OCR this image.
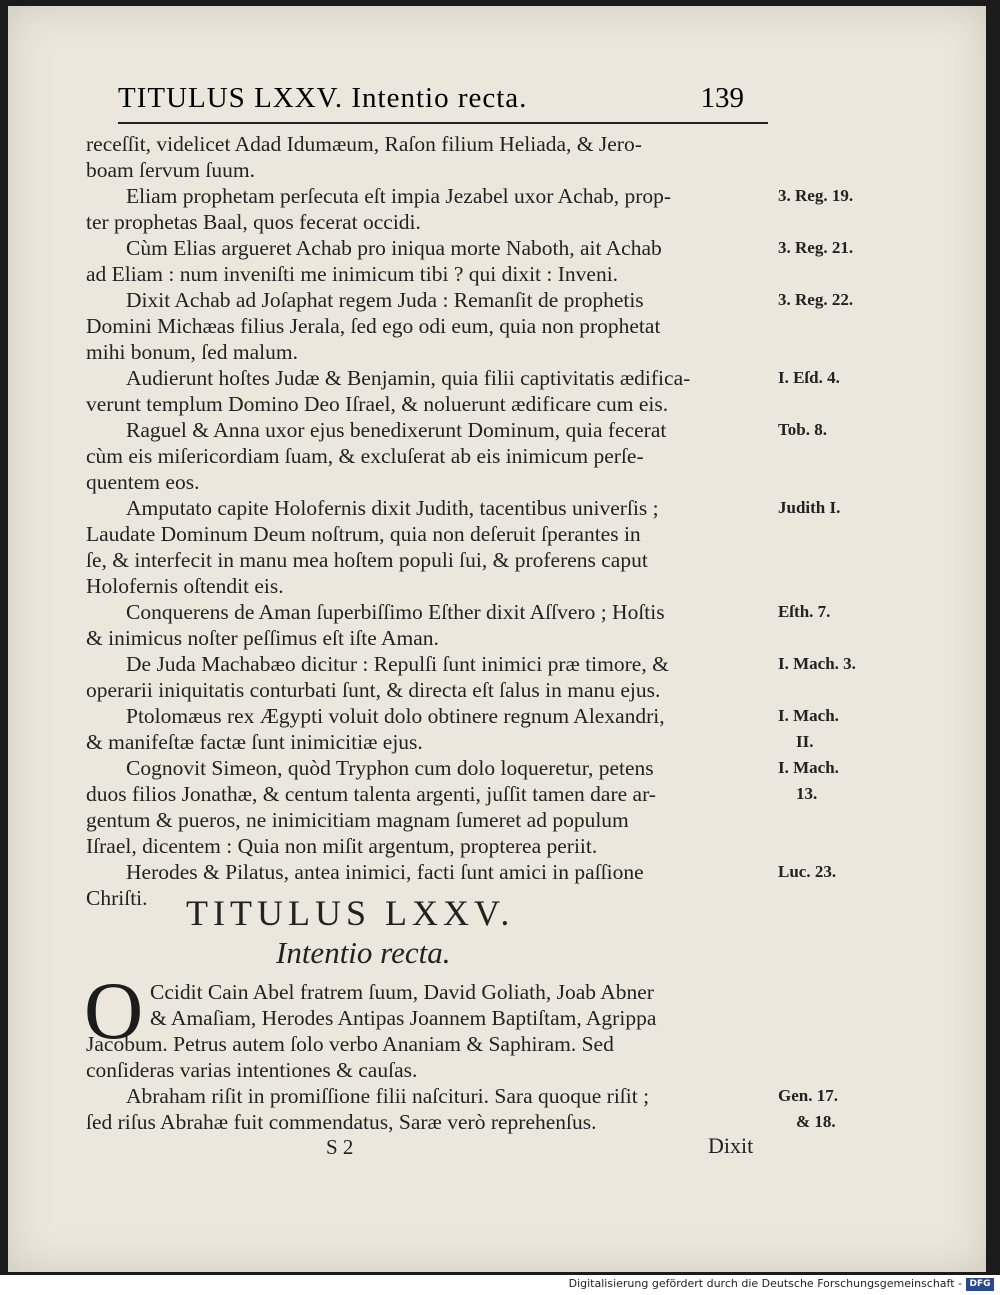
TITULUS LXXV. Intentio recta.	139
receſſit, videlicet Adad Idumæum, Raſon filium Heliada, & Jero-
boam ſervum ſuum.
Eliam prophetam perſecuta eſt impia Jezabel uxor Achab, prop-	3. Reg. 19.
ter prophetas Baal, quos fecerat occidi.
Cùm Elias argueret Achab pro iniqua morte Naboth, ait Achab	3. Reg. 21.
ad Eliam : num inveniſti me inimicum tibi ? qui dixit : Inveni.
Dixit Achab ad Joſaphat regem Juda : Remanſit de prophetis	3. Reg. 22.
Domini Michæas filius Jerala, ſed ego odi eum, quia non prophetat
mihi bonum, ſed malum.
Audierunt hoſtes Judæ & Benjamin, quia filii captivitatis ædifica-	I. Eſd. 4.
verunt templum Domino Deo Iſrael, & noluerunt ædificare cum eis.
Raguel & Anna uxor ejus benedixerunt Dominum, quia fecerat	Tob. 8.
cùm eis miſericordiam ſuam, & excluſerat ab eis inimicum perſe-
quentem eos.
Amputato capite Holofernis dixit Judith, tacentibus univerſis ;	Judith I.
Laudate Dominum Deum noſtrum, quia non deſeruit ſperantes in
ſe, & interfecit in manu mea hoſtem populi ſui, & proferens caput
Holofernis oſtendit eis.
Conquerens de Aman ſuperbiſſimo Eſther dixit Aſſvero ; Hoſtis	Eſth. 7.
& inimicus noſter peſſimus eſt iſte Aman.
De Juda Machabæo dicitur : Repulſi ſunt inimici præ timore, &	I. Mach. 3.
operarii iniquitatis conturbati ſunt, & directa eſt ſalus in manu ejus.
Ptolomæus rex Ægypti voluit dolo obtinere regnum Alexandri,	I. Mach.
& manifeſtæ factæ ſunt inimicitiæ ejus.	II.
Cognovit Simeon, quòd Tryphon cum dolo loqueretur, petens	I. Mach.
duos filios Jonathæ, & centum talenta argenti, juſſit tamen dare ar-	13.
gentum & pueros, ne inimicitiam magnam ſumeret ad populum
Iſrael, dicentem : Quia non miſit argentum, propterea periit.
Herodes & Pilatus, antea inimici, facti ſunt amici in paſſione	Luc. 23.
Chriſti.	TITULUS LXXV.
Intentio recta.
O Ccidit Cain Abel fratrem ſuum, David Goliath, Joab Abner
& Amaſiam, Herodes Antipas Joannem Baptiſtam, Agrippa
Jacobum. Petrus autem ſolo verbo Ananiam & Saphiram. Sed
conſideras varias intentiones & cauſas.
Abraham riſit in promiſſione filii naſcituri. Sara quoque riſit ;	Gen. 17.
ſed riſus Abrahæ fuit commendatus, Saræ verò reprehenſus.	& 18.
S 2	Dixit
Digitalisierung gefördert durch die Deutsche Forschungsgemeinschaft - DFG
